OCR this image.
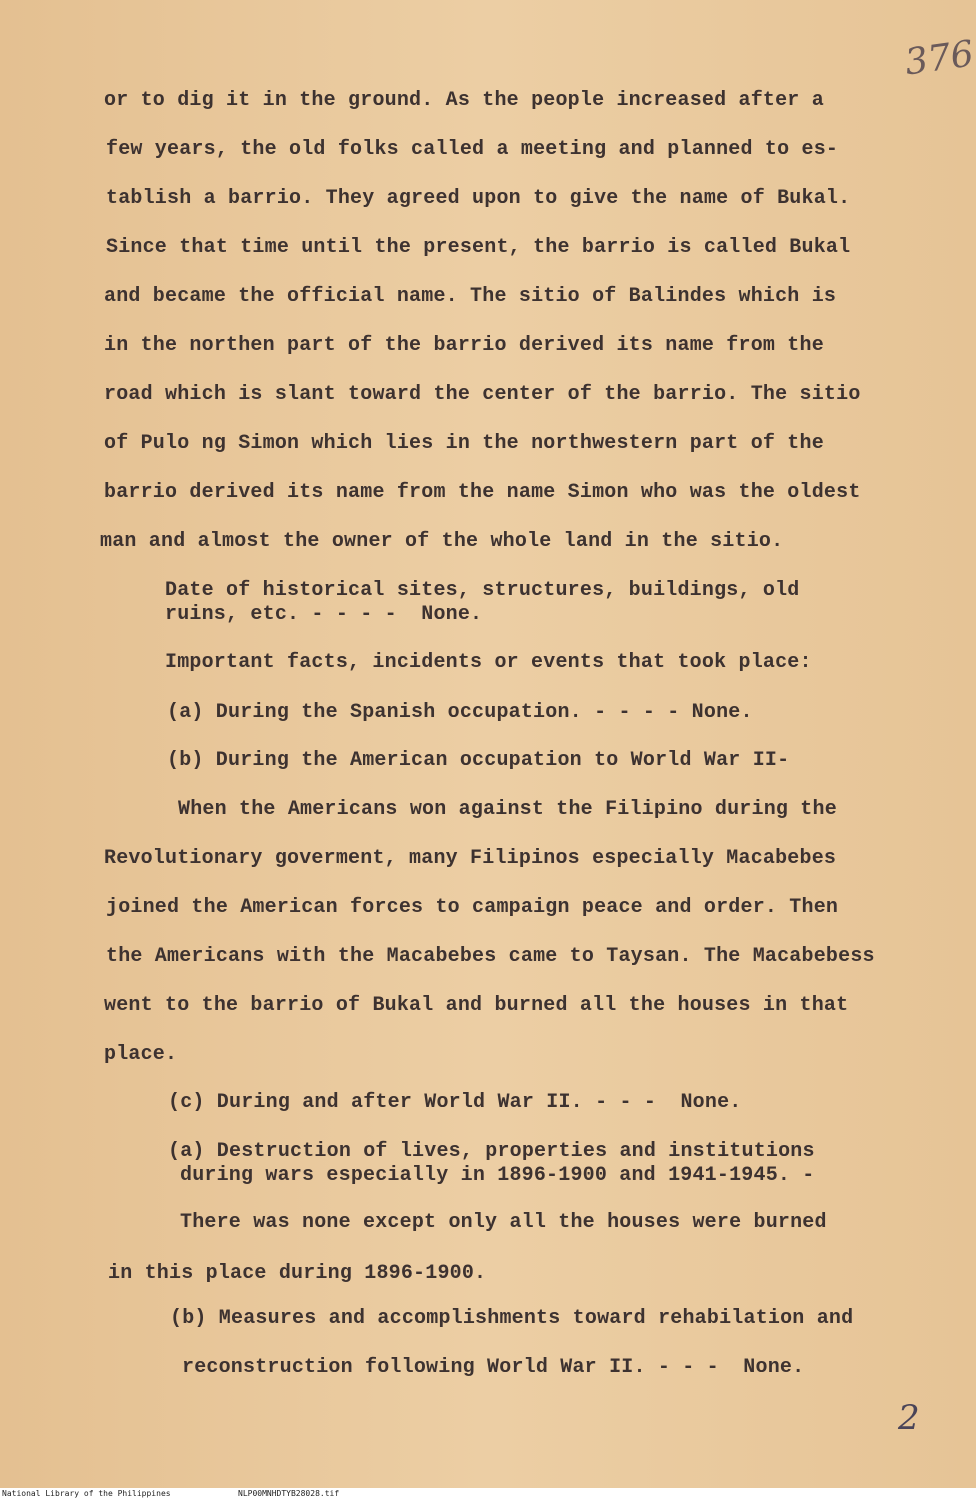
376
or to dig it in the ground. As the people increased after a
few years, the old folks called a meeting and planned to es-
tablish a barrio. They agreed upon to give the name of Bukal.
Since that time until the present, the barrio is called Bukal
and became the official name. The sitio of Balindes which is
in the northen part of the barrio derived its name from the
road which is slant toward the center of the barrio. The sitio
of Pulo ng Simon which lies in the northwestern part of the
barrio derived its name from the name Simon who was the oldest
man and almost the owner of the whole land in the sitio.
Date of historical sites, structures, buildings, old
ruins, etc. - - - -  None.
Important facts, incidents or events that took place:
(a) During the Spanish occupation. - - - - None.
(b) During the American occupation to World War II-
When the Americans won against the Filipino during the
Revolutionary goverment, many Filipinos especially Macabebes
joined the American forces to campaign peace and order. Then
the Americans with the Macabebes came to Taysan. The Macabebess
went to the barrio of Bukal and burned all the houses in that
place.
(c) During and after World War II. - - -  None.
(a) Destruction of lives, properties and institutions
during wars especially in 1896-1900 and 1941-1945. -
There was none except only all the houses were burned
in this place during 1896-1900.
(b) Measures and accomplishments toward rehabilation and
reconstruction following World War II. - - -  None.
2
National Library of the Philippines	NLP00MNHDTYB28028.tif
